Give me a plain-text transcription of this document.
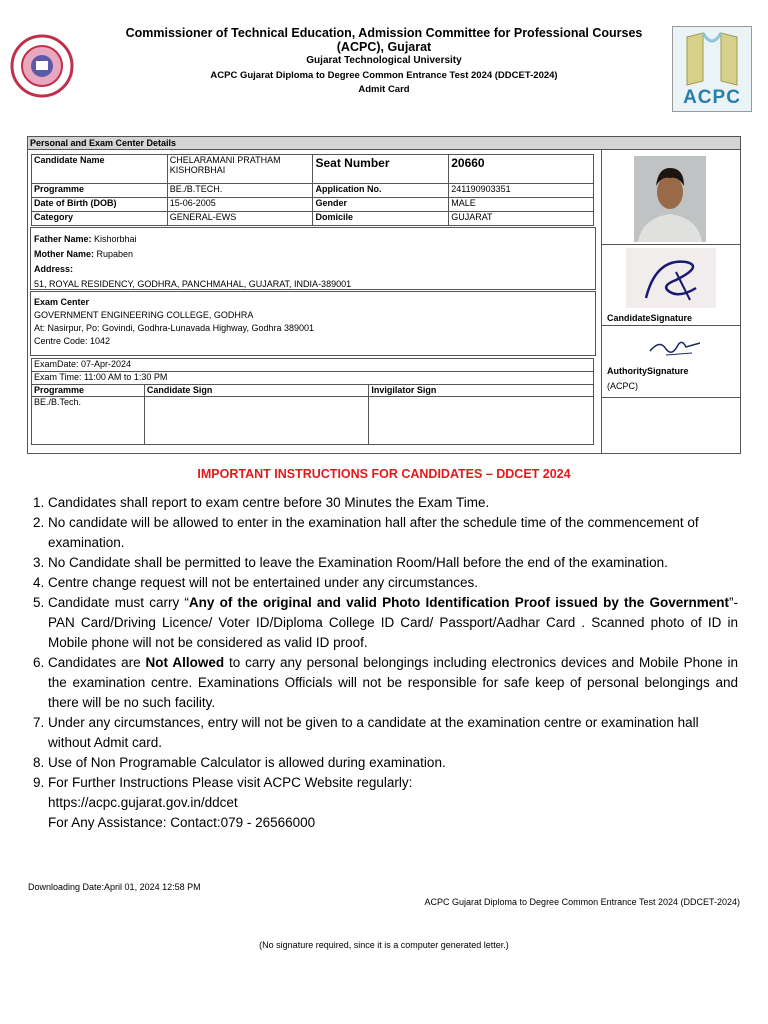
ACPC
Commissioner of Technical Education, Admission Committee for Professional Courses
(ACPC), Gujarat
Gujarat Technological University
ACPC Gujarat Diploma to Degree Common Entrance Test 2024 (DDCET-2024)
Admit Card
Personal and Exam Center Details
Candidate Name	CHELARAMANI PRATHAM
KISHORBHAI	Seat Number	20660
Programme	BE./B.TECH.	Application No.	241190903351
Date of Birth (DOB)	15-06-2005	Gender	MALE
Category	GENERAL-EWS	Domicile	GUJARAT
Father Name: Kishorbhai
Mother Name: Rupaben
Address:
51, ROYAL RESIDENCY, GODHRA, PANCHMAHAL, GUJARAT, INDIA-389001
Exam Center
GOVERNMENT ENGINEERING COLLEGE, GODHRA
At: Nasirpur, Po: Govindi, Godhra-Lunavada Highway, Godhra 389001
Centre Code: 1042
ExamDate: 07-Apr-2024		
Exam Time: 11:00 AM to 1:30 PM		
Programme	Candidate Sign	Invigilator Sign
BE./B.Tech.		
CandidateSignature
AuthoritySignature
(ACPC)
IMPORTANT INSTRUCTIONS FOR CANDIDATES – DDCET 2024
1. Candidates shall report to exam centre before 30 Minutes the Exam Time.
2. No candidate will be allowed to enter in the examination hall after the schedule time of the commencement of examination.
3. No Candidate shall be permitted to leave the Examination Room/Hall before the end of the examination.
4. Centre change request will not be entertained under any circumstances.
5. Candidate must carry “Any of the original and valid Photo Identification Proof issued by the Government”- PAN Card/Driving Licence/ Voter ID/Diploma College ID Card/ Passport/Aadhar Card . Scanned photo of ID in Mobile phone will not be considered as valid ID proof.
6. Candidates are Not Allowed to carry any personal belongings including electronics devices and Mobile Phone in the examination centre. Examinations Officials will not be responsible for safe keep of personal belongings and there will be no such facility.
7. Under any circumstances, entry will not be given to a candidate at the examination centre or examination hall without Admit card.
8. Use of Non Programable Calculator is allowed during examination.
9. For Further Instructions Please visit ACPC Website regularly:
https://acpc.gujarat.gov.in/ddcet
For Any Assistance: Contact:079 - 26566000
Downloading Date:April 01, 2024 12:58 PM
ACPC Gujarat Diploma to Degree Common Entrance Test 2024 (DDCET-2024)
(No signature required, since it is a computer generated letter.)
